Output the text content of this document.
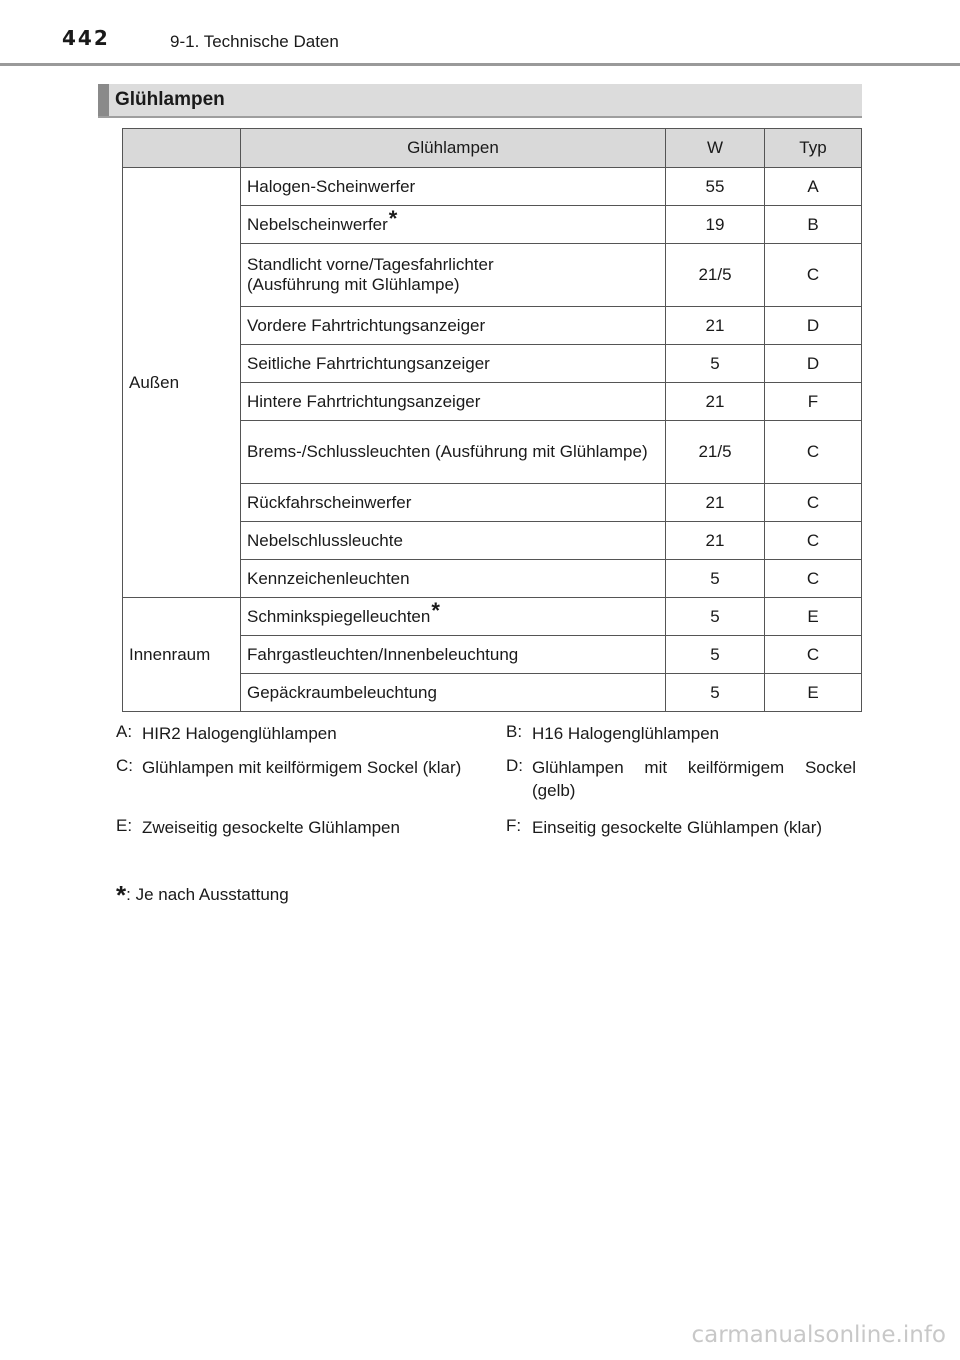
442	9-1. Technische Daten
Glühlampen
	Glühlampen	W	Typ
Außen	Halogen-Scheinwerfer	55	A
	Nebelscheinwerfer*	19	B

	Standlicht vorne/Tagesfahrlichter
(Ausführung mit Glühlampe)	21/5	C
	Vordere Fahrtrichtungsanzeiger	21	D
	Seitliche Fahrtrichtungsanzeiger	5	D
	Hintere Fahrtrichtungsanzeiger	21	F
	Brems-/Schlussleuchten (Ausführung mit Glühlampe)	21/5	C
	Rückfahrscheinwerfer	21	C
	Nebelschlussleuchte	21	C
	Kennzeichenleuchten	5	C
Innenraum	Schminkspiegelleuchten*	5	E
	Fahrgastleuchten/Innenbeleuchtung	5	C
	Gepäckraumbeleuchtung	5	E
A: HIR2 Halogenglühlampen	B: H16 Halogenglühlampen
C: Glühlampen mit keilförmigem Sockel (klar)	D: Glühlampen mit keilförmigem Sockel (gelb)
E: Zweiseitig gesockelte Glühlampen	F: Einseitig gesockelte Glühlampen (klar)
*: Je nach Ausstattung
carmanualsonline.info
